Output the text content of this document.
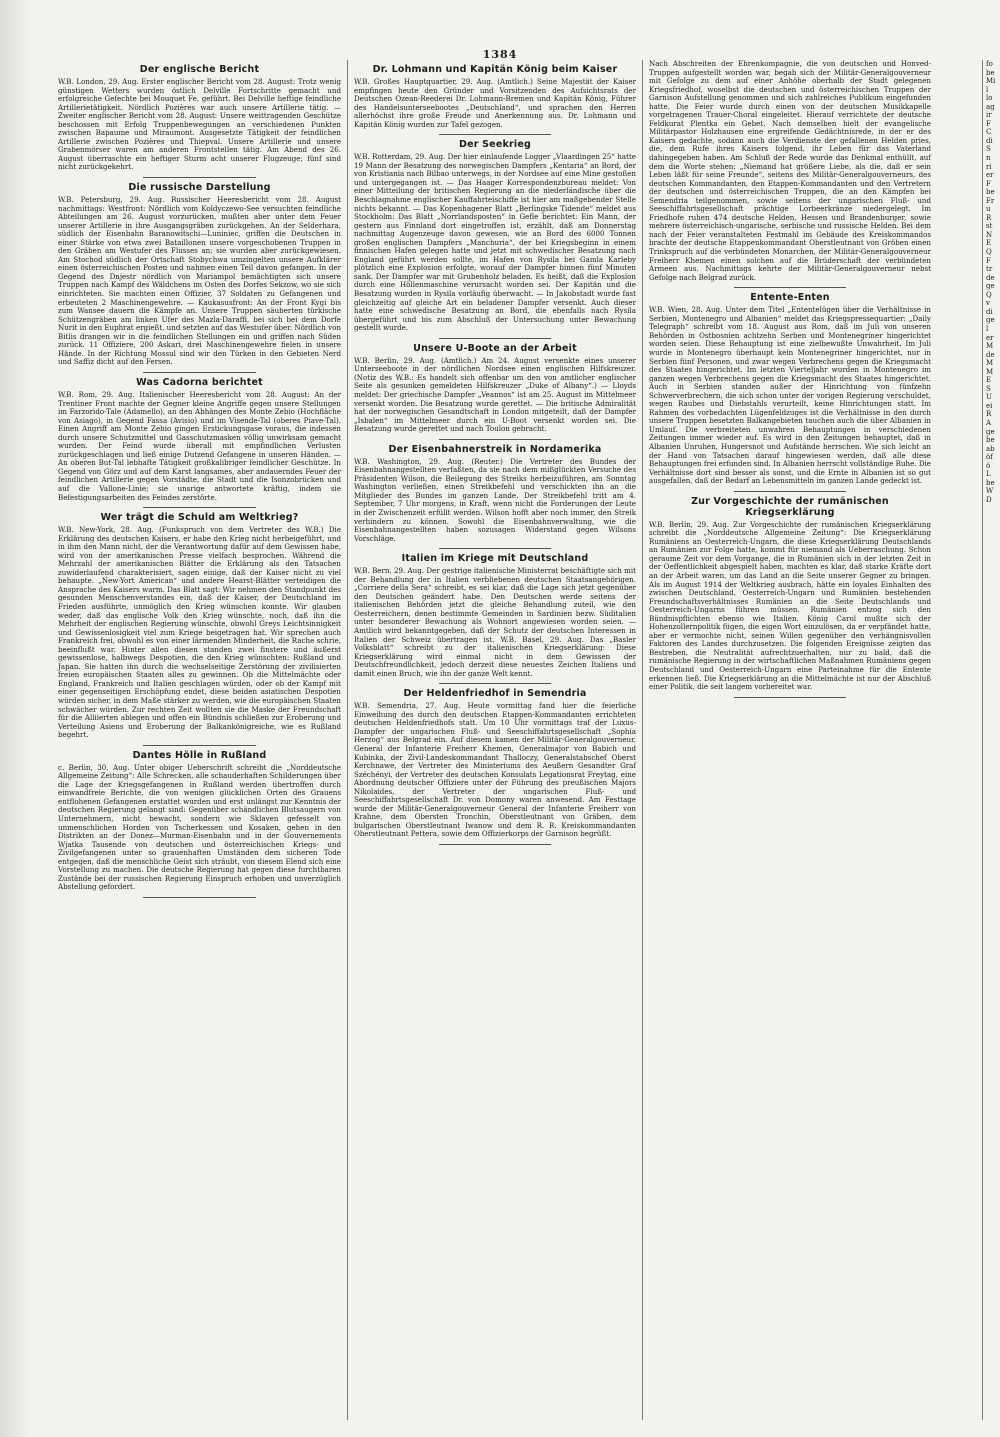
1384
Der englische Bericht

W.B. London, 29. Aug. Erster englischer Bericht vom 28. August: Trotz wenig günstigen Wetters wurden östlich Delville Fortschritte gemacht und erfolgreiche Gefechte bei Mouquet Fe. geführt. Bei Delville heftige feindliche Artillerietätigkeit. Nördlich Pozières war auch unsere Artillerie tätig. — Zweiter englischer Bericht vom 28. August: Unsere weittragenden Geschütze beschossen mit Erfolg Truppenbewegungen an verschiedenen Punkten zwischen Bapaume und Miraumont. Ausgesetzte Tätigkeit der feindlichen Artillerie zwischen Pozières und Thiepval. Unsere Artillerie und unsere Grabenmörser waren am anderen Frontstellen tätig. Am Abend des 26. August überraschte ein heftiger Sturm acht unserer Flugzeuge; fünf sind nicht zurückgekehrt.

Die russische Darstellung

W.B. Petersburg, 29. Aug. Russischer Heeresbericht vom 28. August nachmittags: Westfront: Nördlich vom Koldyczewo-See versuchten feindliche Abteilungen am 26. August vorzurücken, mußten aber unter dem Feuer unserer Artillerie in ihre Ausgangsgräben zurückgehen. An der Selderhara, südlich der Eisenbahn Baranowitschi—Luniniec, griffen die Deutschen in einer Stärke von etwa zwei Bataillonen unsere vorgeschobenen Truppen in den Gräben am Westufer des Flusses an; sie wurden aber zurückgewiesen. Am Stochod südlich der Ortschaft Stobychwa umzingelten unsere Aufklärer einen österreichischen Posten und nahmen einen Teil davon gefangen. In der Gegend des Dnjestr nördlich von Mariampol bemächtigten sich unsere Truppen nach Kampf des Wäldchens im Osten des Dorfes Sekzow, wo sie sich einrichteten. Sie machten einen Offizier, 37 Soldaten zu Gefangenen und erbeuteten 2 Maschinengewehre. — Kaukasusfront: An der Front Kygi bis zum Wansee dauern die Kämpfe an. Unsere Truppen säuberten türkische Schützengräben am linken Ufer des Mazla-Daraffi, bei sich bei dem Dorfe Nurit in den Euphrat ergießt, und setzten auf das Westufer über. Nördlich von Bitlis drangen wir in die feindlichen Stellungen ein und griffen nach Süden zurück. 11 Offiziere, 200 Askari, drei Maschinengewehre fielen in unsere Hände. In der Richtung Mossul sind wir den Türken in den Gebieten Nerd und Saffiz dicht auf den Fersen.

Was Cadorna berichtet

W.B. Rom, 29. Aug. Italienischer Heeresbericht vom 28. August: An der Trentiner Front machte der Gegner kleine Angriffe gegen unsere Stellungen im Farzorido-Tale (Adamello), an den Abhängen des Monte Zebio (Hochfläche von Asiago), in Gegend Fassa (Avisio) und im Visende-Tal (oberes Piave-Tal). Einen Angriff am Monte Zebio gingen Erstickungsgase voraus, die indessen durch unsere Schutzmittel und Gasschutzmasken völlig unwirksam gemacht wurden. Der Feind wurde überall mit empfindlichen Verlusten zurückgeschlagen und ließ einige Dutzend Gefangene in unseren Händen. — An oberen But-Tal lebhafte Tätigkeit großkalibriger feindlicher Geschütze. In Gegend von Görz und auf dem Karst langsames, aber andauerndes Feuer der feindlichen Artillerie gegen Vorstädte, die Stadt und die Isonzobrücken und auf die Vallone-Linie; sie unsrige antwortete kräftig, indem sie Befestigungsarbeiten des Feindes zerstörte.

Wer trägt die Schuld am Weltkrieg?

W.B. New-York, 28. Aug. (Funkspruch von dem Vertreter des W.B.) Die Erklärung des deutschen Kaisers, er habe den Krieg nicht herbeigeführt, und in ihm den Mann nicht, der die Verantwortung dafür auf dem Gewissen habe, wird von der amerikanischen Presse vielfach besprochen. Während die Mehrzahl der amerikanischen Blätter die Erklärung als den Tatsachen zuwiderlaufend charakterisiert, sagen einige, daß der Kaiser nicht zu viel behaupte. „New-Yort American“ und andere Hearst-Blätter verteidigen die Ansprache des Kaisers warm. Das Blatt sagt: Wir nehmen den Standpunkt des gesunden Menschenverstandes ein, daß der Kaiser, der Deutschland im Frieden ausführte, unmöglich den Krieg wünschen konnte. Wir glauben weder, daß das englische Volk den Krieg wünschte, noch, daß ihn die Mehrheit der englischen Regierung wünschte, obwohl Greys Leichtsinnigkeit und Gewissenlosigkeit viel zum Kriege beigetragen hat. Wir sprechen auch Frankreich frei, obwohl es von einer lärmenden Minderheit, die Rache schrie, beeinflußt war. Hinter allen diesen standen zwei finstere und äußerst gewissenlose, halbwegs Despotien, die den Krieg wünschten: Rußland und Japan. Sie hatten ihn durch die wechselseitige Zerstörung der zivilisierten freien europäischen Staaten alles zu gewinnen. Ob die Mittelmächte oder England, Frankreich und Italien geschlagen würden, oder ob der Kampf mit einer gegenseitigen Erschöpfung endet, diese beiden asiatischen Despotien würden sicher, in dem Maße stärker zu werden, wie die europäischen Staaten schwächer würden. Zur rechten Zeit wollten sie die Maske der Freundschaft für die Alliierten ablegen und offen ein Bündnis schließen zur Eroberung und Verteilung Asiens und Eroberung der Balkankönigreiche, wie es Rußland begehrt.

Dantes Hölle in Rußland

c. Berlin, 30. Aug. Unter obiger Ueberschrift schreibt die „Norddeutsche Allgemeine Zeitung“: Alle Schrecken, alle schauderhaften Schilderungen über die Lage der Kriegsgefangenen in Rußland werden übertroffen durch einwandfreie Berichte, die von wenigen glücklichen Orten des Grauens entflohenen Gefangenen erstattet wurden und erst unlängst zur Kenntnis der deutschen Regierung gelangt sind: Gegenüber schändlichen Blutsaugern von Unternehmern, nicht bewacht, sondern wie Sklaven gefesselt von unmenschlichen Horden von Tscherkessen und Kosaken, gehen in den Distrikten an der Donez—Murman-Eisenbahn und in der Gouvernements Wjatka Tausende von deutschen und österreichischen Kriegs- und Zivilgefangenen unter so grauenhaften Umständen dem sicheren Tode entgegen, daß die menschliche Geist sich sträubt, von diesem Elend sich eine Vorstellung zu machen. Die deutsche Regierung hat gegen diese furchtbaren Zustände bei der russischen Regierung Einspruch erhoben und unverzüglich Abstellung gefordert.

Dr. Lohmann und Kapitän König beim Kaiser

W.B. Großes Hauptquartier, 29. Aug. (Amtlich.) Seine Majestät der Kaiser empfingen heute den Gründer und Vorsitzenden des Aufsichtsrats der Deutschen Ozean-Reederei Dr. Lohmann-Bremen und Kapitän König, Führer des Handelsunterseebootes „Deutschland“, und sprachen den Herren allerhöchst ihre große Freude und Anerkennung aus. Dr. Lohmann und Kapitän König wurden zur Tafel gezogen.

Der Seekrieg

W.B. Rotterdam, 29. Aug. Der hier einlaufende Logger „Vlaardingen 25“ hatte 19 Mann der Besatzung des norwegischen Dampfers „Kentaria“ an Bord, der von Kristiania nach Bilbao unterwegs, in der Nordsee auf eine Mine gestoßen und untergegangen ist. — Das Haager Korrespondenzbureau meldet: Von einer Mitteilung der britischen Regierung an die niederländische über die Beschlagnahme englischer Kauffahrteischiffe ist hier am maßgebender Stelle nichts bekannt. — Das Kopenhagener Blatt „Berlingske Tidende“ meldet aus Stockholm: Das Blatt „Norrlandsposten“ in Gefle berichtet: Ein Mann, der gestern aus Finnland dort eingetroffen ist, erzählt, daß am Donnerstag nachmittag Augenzeuge davon gewesen, wie an Bord des 6000 Tonnen großen englischen Dampfers „Manchuria“, der bei Kriegsbeginn in einem finnischen Hafen gelegen hatte und jetzt mit schwedischer Besatzung nach England geführt werden sollte, im Hafen von Rysila bei Gamla Karleby plötzlich eine Explosion erfolgte, worauf der Dampfer binnen fünf Minuten sank. Der Dampfer war mit Grubenholz beladen. Es heißt, daß die Explosion durch eine Höllenmaschine verursacht worden sei. Der Kapitän und die Besatzung wurden in Rysila vorläufig überwacht. — In Jakobstadt wurde fast gleichzeitig auf gleiche Art ein beladener Dampfer versenkt. Auch dieser hatte eine schwedische Besatzung an Bord, die ebenfalls nach Rysila übergeführt und bis zum Abschluß der Untersuchung unter Bewachung gestellt wurde.

Unsere U-Boote an der Arbeit

W.B. Berlin, 29. Aug. (Amtlich.) Am 24. August versenkte eines unserer Unterseeboote in der nördlichen Nordsee einen englischen Hilfskreuzer. (Notiz des W.B.: Es handelt sich offenbar um den von amtlicher englischer Seite als gesunken gemeldeten Hilfskreuzer „Duke of Albany“.) — Lloyds meldet: Der griechische Dampfer „Veannos“ ist am 25. August im Mittelmeer versenkt worden. Die Besatzung wurde gerettet. — Die britische Admiralität hat der norwegischen Gesandtschaft in London mitgeteilt, daß der Dampfer „Isbalen“ im Mittelmeer durch ein U-Boot versenkt worden sei. Die Besatzung wurde gerettet und nach Toulon gebracht.

Der Eisenbahnerstreik in Nordamerika

W.B. Washington, 29. Aug. (Reuter.) Die Vertreter des Bundes der Eisenbahnangestellten verfaßten, da sie nach dem mißglückten Versuche des Präsidenten Wilson, die Beilegung des Streiks herbeizuführen, am Sonntag Washington verließen, einen Streikbefehl und verschickten ihn an die Mitglieder des Bundes im ganzen Lande. Der Streikbefehl tritt am 4. September, 7 Uhr morgens, in Kraft, wenn nicht die Forderungen der Leute in der Zwischenzeit erfüllt werden. Wilson hofft aber noch immer, den Streik verhindern zu können. Sowohl die Eisenbahnverwaltung, wie die Eisenbahnangestellten haben sozusagen Widerstand gegen Wilsons Vorschläge.

Italien im Kriege mit Deutschland

W.B. Bern, 29. Aug. Der gestrige italienische Ministerrat beschäftigte sich mit der Behandlung der in Italien verbliebenen deutschen Staatsangehörigen. „Corriere della Sera“ schreibt, es sei klar, daß die Lage sich jetzt gegenüber den Deutschen geändert habe. Den Deutschen werde seitens der italienischen Behörden jetzt die gleiche Behandlung zuteil, wie den Oesterreichern, denen bestimmte Gemeinden in Sardinien bezw. Süditalien unter besonderer Bewachung als Wohnort angewiesen worden seien. — Amtlich wird bekanntgegeben, daß der Schutz der deutschen Interessen in Italien der Schweiz übertragen ist. W.B. Basel, 29. Aug. Das „Basler Volksblatt“ schreibt zu der italienischen Kriegserklärung: Diese Kriegserklärung wird einmal nicht in dem Gewissen der Deutschfreundlichkeit, jedoch derzeit diese neuestes Zeichen Italiens und damit einen Bruch, wie ihn der ganze Welt kennt.

Der Heldenfriedhof in Semendria

W.B. Semendria, 27. Aug. Heute vormittag fand hier die feierliche Einweihung des durch den deutschen Etappen-Kommandanten errichteten deutschen Heldenfriedhofs statt. Um 10 Uhr vormittags traf der Luxus-Dampfer der ungarischen Fluß- und Seeschiffahrtsgesellschaft „Sophia Herzog“ aus Belgrad ein. Auf diesem kamen der Militär-Generalgouverneur, General der Infanterie Freiherr Khemen, Generalmajor von Babich und Kubinka, der Zivil-Landeskommandant Thalloczy, Generalstabschef Oberst Kerchnawe, der Vertreter des Ministeriums des Aeußern Gesandter Graf Széchényi, der Vertreter des deutschen Konsulats Legationsrat Freytag, eine Abordnung deutscher Offiziere unter der Führung des preußischen Majors Nikolaides, der Vertreter der ungarischen Fluß- und Seeschiffahrtsgesellschaft Dr. von Domony waren anwesend. Am Festtage wurde der Militär-Generalgouverneur General der Infanterie Freiherr von Krahne, dem Obersten Tronchin, Oberstleutnant von Gräben, dem bulgarischen Oberstleutnant Iwanow und dem R. R. Kreiskommandanten Oberstleutnant Pettera, sowie dem Offizierkorps der Garnison begrüßt.

Nach Abschreiten der Ehrenkompagnie, die von deutschen und Honved-Truppen aufgestellt worden war, begab sich der Militär-Generalgouverneur mit Gefolge zu dem auf einer Anhöhe oberhalb der Stadt gelegenen Kriegsfriedhof, woselbst die deutschen und österreichischen Truppen der Garnison Aufstellung genommen und sich zahlreiches Publikum eingefunden hatte. Die Feier wurde durch einen von der deutschen Musikkapelle vorgetragenen Trauer-Choral eingeleitet. Hierauf verrichtete der deutsche Feldkurat Plentka ein Gebet. Nach demselben hielt der evangelische Militärpastor Holzhausen eine ergreifende Gedächtnisrede, in der er des Kaisers gedachte, sodann auch die Verdienste der gefallenen Helden pries, die, dem Rufe ihres Kaisers folgend, ihr Leben für das Vaterland dahingegeben haben. Am Schluß der Rede wurde das Denkmal enthüllt, auf dem die Worte stehen: „Niemand hat größere Liebe, als die, daß er sein Leben läßt für seine Freunde“, seitens des Militär-Generalgouverneurs, des deutschen Kommandanten, den Etappen-Kommandanten und den Vertretern der deutschen und österreichischen Truppen, die an den Kämpfen bei Semendria teilgenommen, sowie seitens der ungarischen Fluß- und Seeschiffahrtsgesellschaft prächtige Lorbeerkränze niedergelegt. Im Friedhofe ruhen 474 deutsche Helden, Hessen und Brandenburger, sowie mehrere österreichisch-ungarische, serbische und russische Helden. Bei dem nach der Feier veranstalteten Festmahl im Gebäude des Kreiskommandos brachte der deutsche Etappenkommandant Oberstleutnant von Gröben einen Trinkspruch auf die verbündeten Monarchen, der Militär-Generalgouverneur Freiherr Khemen einen solchen auf die Brüderschaft der verbündeten Armeen aus. Nachmittags kehrte der Militär-Generalgouverneur nebst Gefolge nach Belgrad zurück.

Entente-Enten

W.B. Wien, 28. Aug. Unter dem Titel „Ententelügen über die Verhältnisse in Serbien, Montenegro und Albanien“ meldet das Kriegspressequartier: „Daily Telegraph“ schreibt vom 18. August aus Rom, daß im Juli von unseren Behörden in Ostbosnien achtzehn Serben und Montenegriner hingerichtet worden seien. Diese Behauptung ist eine zielbewußte Unwahrheit. Im Juli wurde in Montenegro überhaupt kein Montenegriner hingerichtet, nur in Serbien fünf Personen, und zwar wegen Verbrechens gegen die Kriegsmacht des Staates hingerichtet. Im letzten Vierteljahr wurden in Montenegro im ganzen wegen Verbrechens gegen die Kriegsmacht des Staates hingerichtet. Auch in Serbien standen außer der Hinrichtung von fünfzehn Schwerverbrechern, die sich schon unter der vorigen Regierung verschuldet, wegen Raubes und Diebstahls verurteilt, keine Hinrichtungen statt. Im Rahmen des vorbedachten Lügenfeldzuges ist die Verhältnisse in den durch unsere Truppen besetzten Balkangebieten tauchen auch die über Albanien in Umlauf. Die verbreiteten unwahren Behauptungen in verschiedenen Zeitungen immer wieder auf. Es wird in den Zeitungen behauptet, daß in Albanien Unruhen, Hungersnot und Aufstände herrschen. Wie sich leicht an der Hand von Tatsachen darauf hingewiesen werden, daß alle diese Behauptungen frei erfunden sind. In Albanien herrscht vollständige Ruhe. Die Verhältnisse dort sind besser als sonst, und die Ernte in Albanien ist so gut ausgefallen, daß der Bedarf an Lebensmitteln im ganzen Lande gedeckt ist.

Zur Vorgeschichte der rumänischen Kriegserklärung

W.B. Berlin, 29. Aug. Zur Vorgeschichte der rumänischen Kriegserklärung schreibt die „Norddeutsche Allgemeine Zeitung“: Die Kriegserklärung Rumäniens an Oesterreich-Ungarn, die diese Kriegserklärung Deutschlands an Rumänien zur Folge hatte, kommt für niemand als Ueberraschung. Schon geraume Zeit vor dem Vorgange, die in Rumänien sich in der letzten Zeit in der Oeffentlichkeit abgespielt haben, machten es klar, daß starke Kräfte dort an der Arbeit waren, um das Land an die Seite unserer Gegner zu bringen. Als im August 1914 der Weltkrieg ausbrach, hätte ein loyales Einhalten des zwischen Deutschland, Oesterreich-Ungarn und Rumänien bestehenden Freundschaftsverhältnisses Rumänien an die Seite Deutschlands und Oesterreich-Ungarns führen müssen. Rumänien entzog sich den Bündnispflichten ebenso wie Italien. König Carol mußte sich der Hohenzollernpolitik fügen, die eigen Wort einzulösen, da er verpfändet hatte, aber er vermochte nicht, seinen Willen gegenüber den verhängnisvollen Faktoren des Landes durchzusetzen. Die folgenden Ereignisse zeigten das Bestreben, die Neutralität aufrechtzuerhalten, nur zu bald, daß die rumänische Regierung in der wirtschaftlichen Maßnahmen Rumäniens gegen Deutschland und Oesterreich-Ungarn eine Parteinahme für die Entente erkennen ließ. Die Kriegserklärung an die Mittelmächte ist nur der Abschluß einer Politik, die seit langem vorbereitet war.

fo
be
Mi
l
lo
ag
ir
F
C
di
S
n
ri
er
F
be
Fr
u
R
st
N
E
Q
F
tr
de
ge
Q
v
di
ge
l
er
M
de
M
M
E
S
U
ei
R
A
ge
be
ab
öf
ö
L
be
W
D
